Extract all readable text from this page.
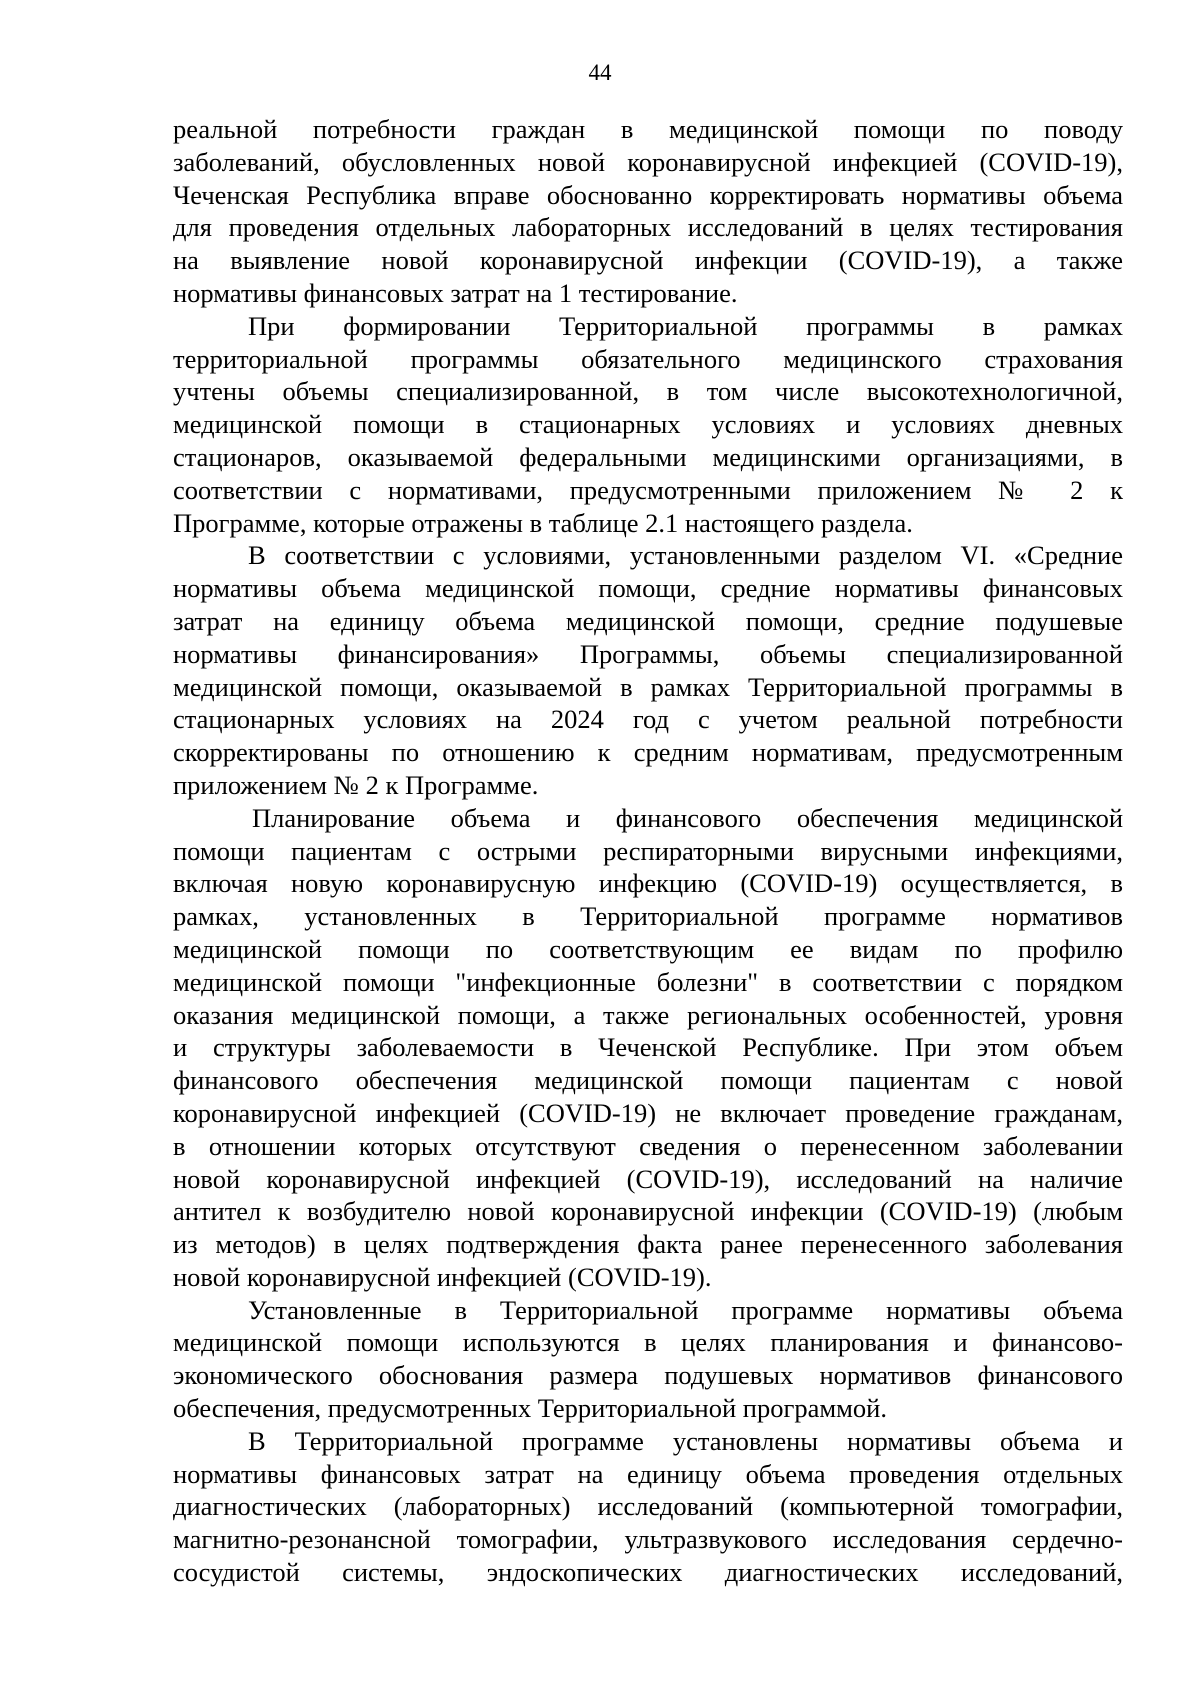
44
реальной потребности граждан в медицинской помощи по поводу
заболеваний, обусловленных новой коронавирусной инфекцией (COVID-19),
Чеченская Республика вправе обоснованно корректировать нормативы объема
для проведения отдельных лабораторных исследований в целях тестирования
на выявление новой коронавирусной инфекции (COVID-19), а также
нормативы финансовых затрат на 1 тестирование.
При формировании Территориальной программы в рамках
территориальной программы обязательного медицинского страхования
учтены объемы специализированной, в том числе высокотехнологичной,
медицинской помощи в стационарных условиях и условиях дневных
стационаров, оказываемой федеральными медицинскими организациями, в
соответствии с нормативами, предусмотренными приложением № 2 к
Программе, которые отражены в таблице 2.1 настоящего раздела.
В соответствии с условиями, установленными разделом VI. «Средние
нормативы объема медицинской помощи, средние нормативы финансовых
затрат на единицу объема медицинской помощи, средние подушевые
нормативы финансирования» Программы, объемы специализированной
медицинской помощи, оказываемой в рамках Территориальной программы в
стационарных условиях на 2024 год с учетом реальной потребности
скорректированы по отношению к средним нормативам, предусмотренным
приложением № 2 к Программе.
Планирование объема и финансового обеспечения медицинской
помощи пациентам с острыми респираторными вирусными инфекциями,
включая новую коронавирусную инфекцию (COVID-19) осуществляется, в
рамках, установленных в Территориальной программе нормативов
медицинской помощи по соответствующим ее видам по профилю
медицинской помощи "инфекционные болезни" в соответствии с порядком
оказания медицинской помощи, а также региональных особенностей, уровня
и структуры заболеваемости в Чеченской Республике. При этом объем
финансового обеспечения медицинской помощи пациентам с новой
коронавирусной инфекцией (COVID-19) не включает проведение гражданам,
в отношении которых отсутствуют сведения о перенесенном заболевании
новой коронавирусной инфекцией (COVID-19), исследований на наличие
антител к возбудителю новой коронавирусной инфекции (COVID-19) (любым
из методов) в целях подтверждения факта ранее перенесенного заболевания
новой коронавирусной инфекцией (COVID-19).
Установленные в Территориальной программе нормативы объема
медицинской помощи используются в целях планирования и финансово-
экономического обоснования размера подушевых нормативов финансового
обеспечения, предусмотренных Территориальной программой.
В Территориальной программе установлены нормативы объема и
нормативы финансовых затрат на единицу объема проведения отдельных
диагностических (лабораторных) исследований (компьютерной томографии,
магнитно-резонансной томографии, ультразвукового исследования сердечно-
сосудистой системы, эндоскопических диагностических исследований,
